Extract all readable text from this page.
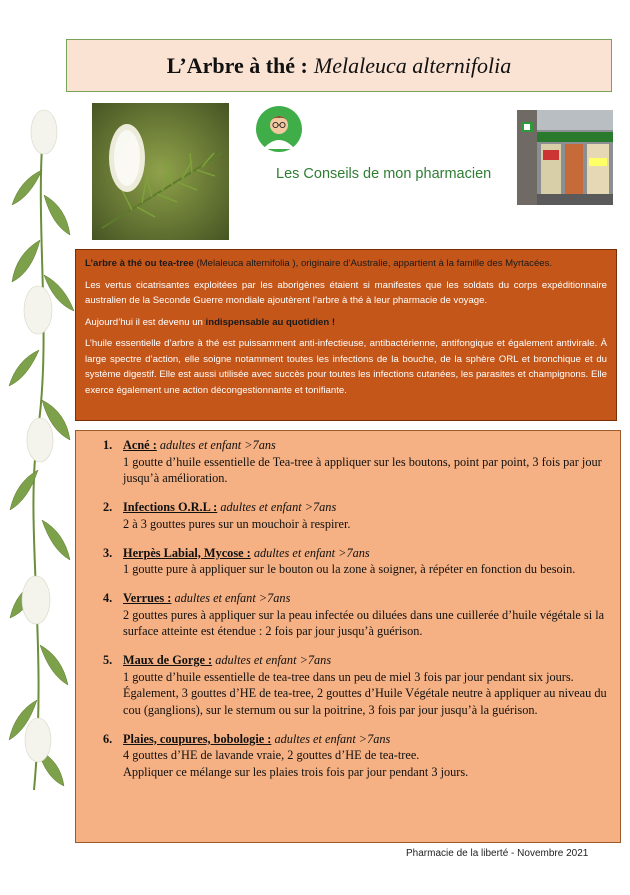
L’Arbre à thé : Melaleuca alternifolia
Les Conseils de mon pharmacien

L’arbre à thé ou tea-tree (Melaleuca alternifolia ), originaire d’Australie, appartient à la famille des Myrtacées.

Les vertus cicatrisantes exploitées par les aborigènes étaient si manifestes que les soldats du corps expéditionnaire australien de la Seconde Guerre mondiale ajoutèrent l’arbre à thé à leur pharmacie de voyage.

Aujourd’hui il est devenu un indispensable au quotidien !

L’huile essentielle d’arbre à thé est puissamment anti-infectieuse, antibactérienne, antifongique et également antivirale. À large spectre d’action, elle soigne notamment toutes les infections de la bouche, de la sphère ORL et bronchique et du système digestif. Elle est aussi utilisée avec succès pour toutes les infections cutanées, les parasites et champignons. Elle exerce également une action décongestionnante et tonifiante.

1. Acné : adultes et enfant >7ans
1 goutte d’huile essentielle de Tea-tree à appliquer sur les boutons, point par point, 3 fois par jour jusqu’à amélioration.
2. Infections O.R.L : adultes et enfant >7ans
2 à 3 gouttes pures sur un mouchoir à respirer.
3. Herpès Labial, Mycose : adultes et enfant >7ans
1 goutte pure à appliquer sur le bouton ou la zone à soigner, à répéter en fonction du besoin.
4. Verrues : adultes et enfant >7ans
2 gouttes pures à appliquer sur la peau infectée ou diluées dans une cuillerée d’huile végétale si la surface atteinte est étendue : 2 fois par jour jusqu’à guérison.
5. Maux de Gorge : adultes et enfant >7ans
1 goutte d’huile essentielle de tea-tree dans un peu de miel 3 fois par jour pendant six jours.
Également, 3 gouttes d’HE de tea-tree, 2 gouttes d’Huile Végétale neutre à appliquer au niveau du cou (ganglions), sur le sternum ou sur la poitrine, 3 fois par jour jusqu’à la guérison.
6. Plaies, coupures, bobologie : adultes et enfant >7ans
4 gouttes d’HE de lavande vraie, 2 gouttes d’HE de tea-tree.
Appliquer ce mélange sur les plaies trois fois par jour pendant 3 jours.
Pharmacie de la liberté - Novembre 2021
